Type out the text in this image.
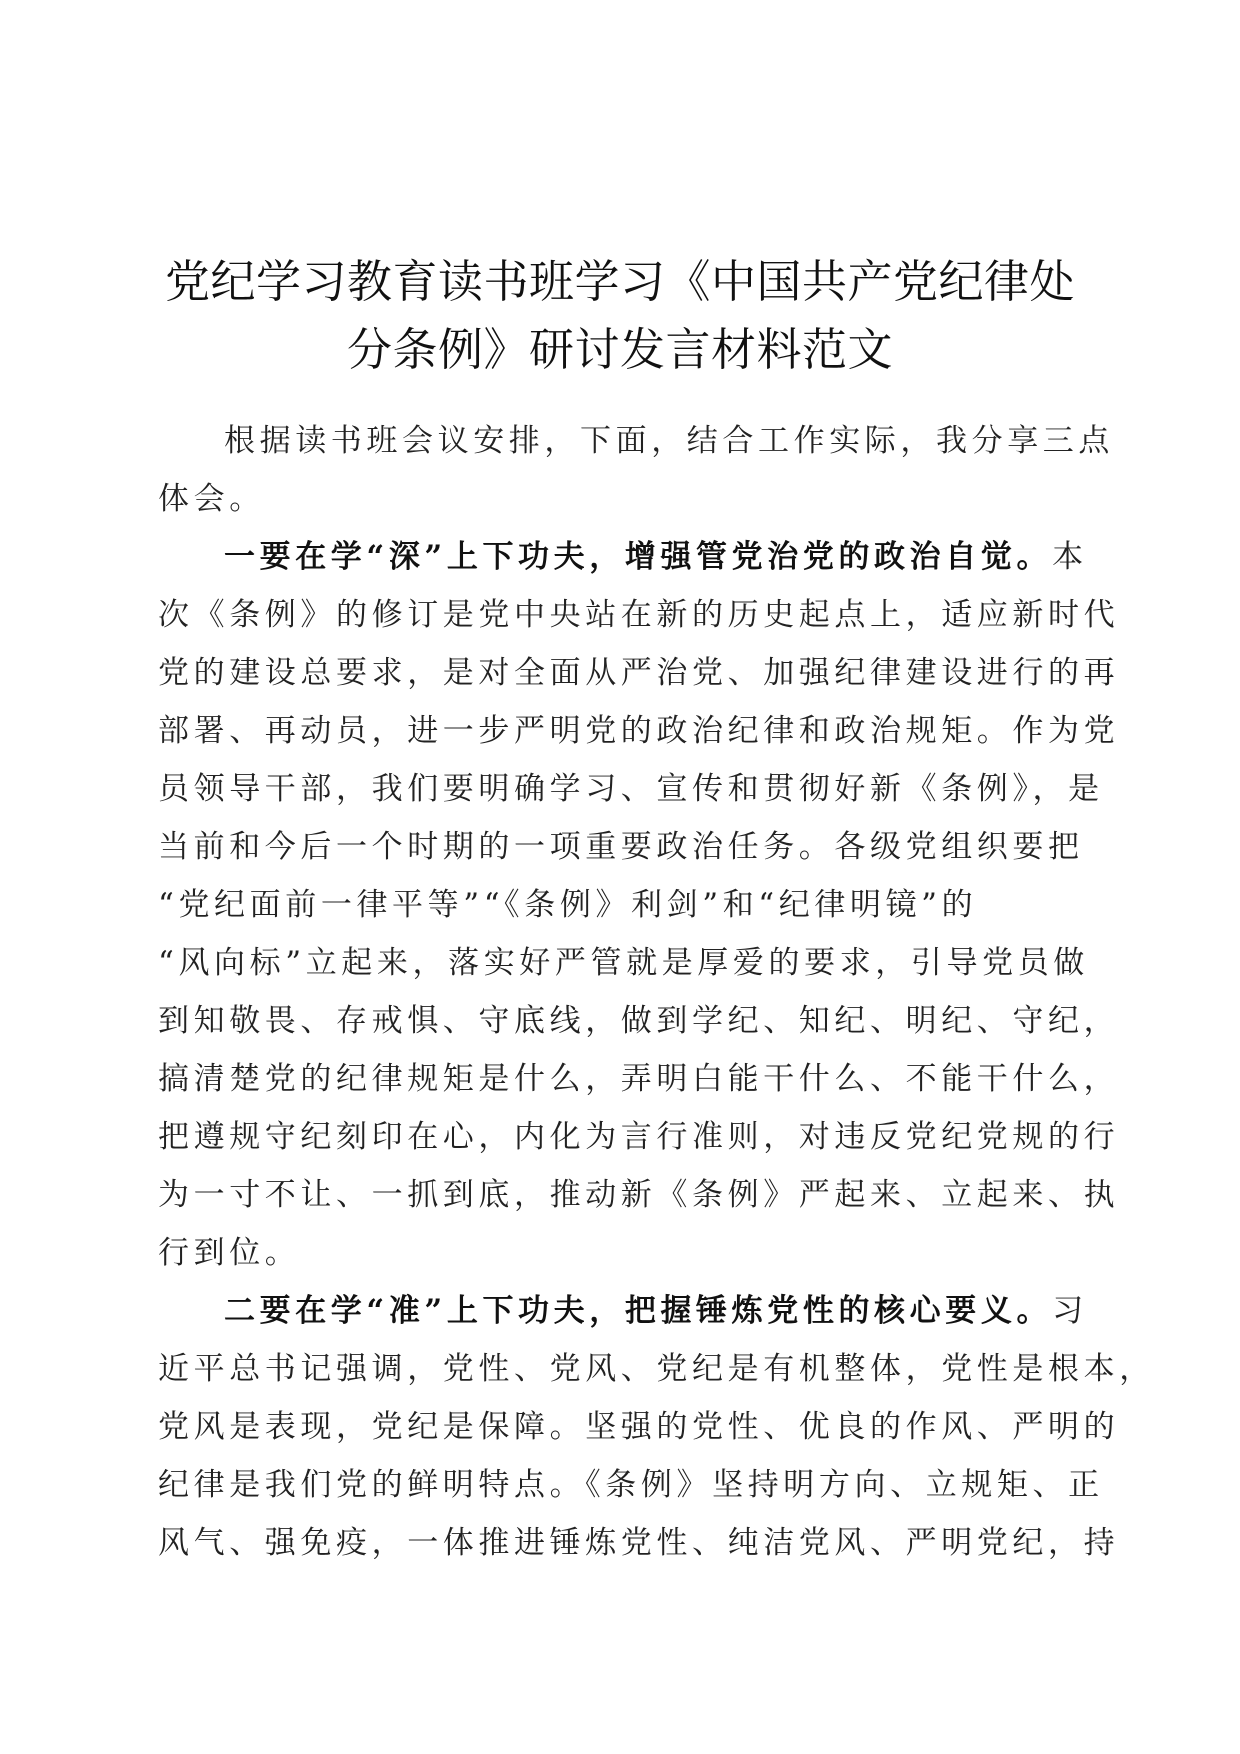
党纪学习教育读书班学习《中国共产党纪律处
分条例》研讨发言材料范文

根据读书班会议安排，下面，结合工作实际，我分享三点
体会。

一要在学“深”上下功夫，增强管党治党的政治自觉。本
次《条例》的修订是党中央站在新的历史起点上，适应新时代
党的建设总要求，是对全面从严治党、加强纪律建设进行的再
部署、再动员，进一步严明党的政治纪律和政治规矩。作为党
员领导干部，我们要明确学习、宣传和贯彻好新《条例》，是
当前和今后一个时期的一项重要政治任务。各级党组织要把
“党纪面前一律平等”“《条例》利剑”和“纪律明镜”的
“风向标”立起来，落实好严管就是厚爱的要求，引导党员做
到知敬畏、存戒惧、守底线，做到学纪、知纪、明纪、守纪，
搞清楚党的纪律规矩是什么，弄明白能干什么、不能干什么，
把遵规守纪刻印在心，内化为言行准则，对违反党纪党规的行
为一寸不让、一抓到底，推动新《条例》严起来、立起来、执
行到位。

二要在学“准”上下功夫，把握锤炼党性的核心要义。习
近平总书记强调，党性、党风、党纪是有机整体，党性是根本，
党风是表现，党纪是保障。坚强的党性、优良的作风、严明的
纪律是我们党的鲜明特点。《条例》坚持明方向、立规矩、正
风气、强免疫，一体推进锤炼党性、纯洁党风、严明党纪，持
